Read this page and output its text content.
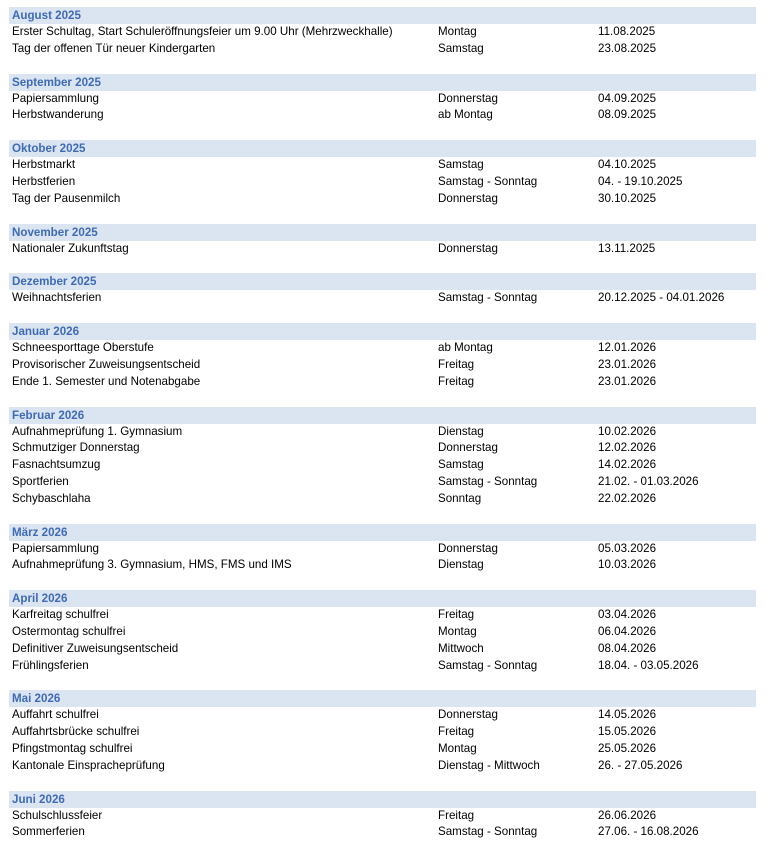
August 2025
Erster Schultag, Start Schuleröffnungsfeier um 9.00 Uhr (Mehrzweckhalle)	Montag	11.08.2025
Tag der offenen Tür neuer Kindergarten	Samstag	23.08.2025
September 2025
Papiersammlung	Donnerstag	04.09.2025
Herbstwanderung	ab Montag	08.09.2025
Oktober 2025
Herbstmarkt	Samstag	04.10.2025
Herbstferien	Samstag - Sonntag	04. - 19.10.2025
Tag der Pausenmilch	Donnerstag	30.10.2025
November 2025
Nationaler Zukunftstag	Donnerstag	13.11.2025
Dezember 2025
Weihnachtsferien	Samstag - Sonntag	20.12.2025 - 04.01.2026
Januar 2026
Schneesporttage Oberstufe	ab Montag	12.01.2026
Provisorischer Zuweisungsentscheid	Freitag	23.01.2026
Ende 1. Semester und Notenabgabe	Freitag	23.01.2026
Februar 2026
Aufnahmeprüfung 1. Gymnasium	Dienstag	10.02.2026
Schmutziger Donnerstag	Donnerstag	12.02.2026
Fasnachtsumzug	Samstag	14.02.2026
Sportferien	Samstag - Sonntag	21.02. - 01.03.2026
Schybaschlaha	Sonntag	22.02.2026
März 2026
Papiersammlung	Donnerstag	05.03.2026
Aufnahmeprüfung 3. Gymnasium, HMS, FMS und IMS	Dienstag	10.03.2026
April 2026
Karfreitag schulfrei	Freitag	03.04.2026
Ostermontag schulfrei	Montag	06.04.2026
Definitiver Zuweisungsentscheid	Mittwoch	08.04.2026
Frühlingsferien	Samstag - Sonntag	18.04. - 03.05.2026
Mai 2026
Auffahrt schulfrei	Donnerstag	14.05.2026
Auffahrtsbrücke schulfrei	Freitag	15.05.2026
Pfingstmontag schulfrei	Montag	25.05.2026
Kantonale Einspracheprüfung	Dienstag - Mittwoch	26. - 27.05.2026
Juni 2026
Schulschlussfeier	Freitag	26.06.2026
Sommerferien	Samstag - Sonntag	27.06. - 16.08.2026
